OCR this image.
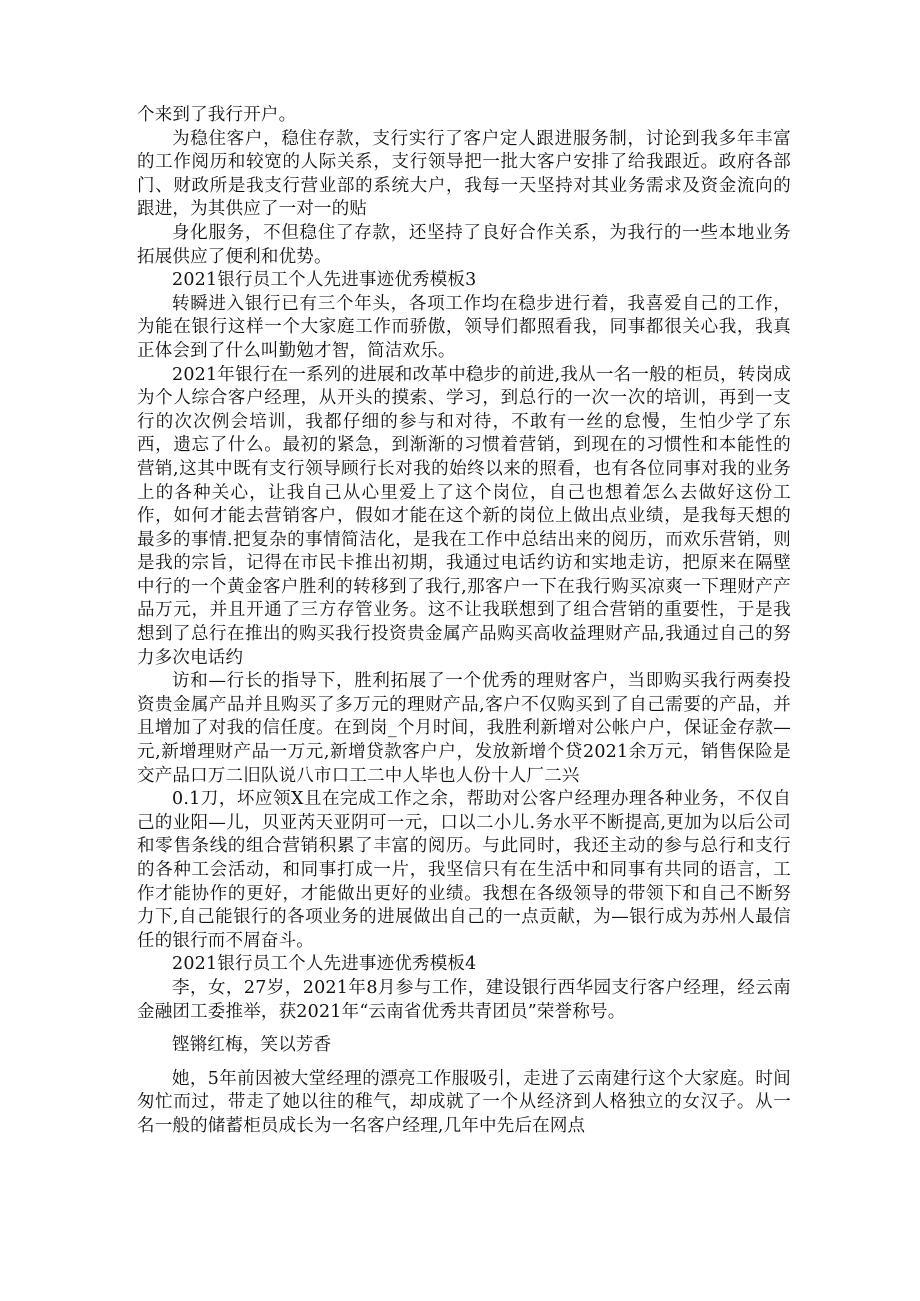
个来到了我行开户。

为稳住客户，稳住存款，支行实行了客户定人跟进服务制，讨论到我多年丰富的工作阅历和较宽的人际关系，支行领导把一批大客户安排了给我跟近。政府各部门、财政所是我支行营业部的系统大户，我每一天坚持对其业务需求及资金流向的跟进，为其供应了一对一的贴

身化服务，不但稳住了存款，还坚持了良好合作关系，为我行的一些本地业务拓展供应了便利和优势。

2021银行员工个人先进事迹优秀模板3

转瞬进入银行已有三个年头，各项工作均在稳步进行着，我喜爱自己的工作，为能在银行这样一个大家庭工作而骄傲，领导们都照看我，同事都很关心我，我真正体会到了什么叫勤勉才智，简洁欢乐。

2021年银行在一系列的进展和改革中稳步的前进,我从一名一般的柜员，转岗成为个人综合客户经理，从开头的摸索、学习，到总行的一次一次的培训，再到一支行的次次例会培训，我都仔细的参与和对待，不敢有一丝的怠慢，生怕少学了东西，遗忘了什么。最初的紧急，到渐渐的习惯着营销，到现在的习惯性和本能性的营销,这其中既有支行领导顾行长对我的始终以来的照看，也有各位同事对我的业务上的各种关心，让我自己从心里爱上了这个岗位，自己也想着怎么去做好这份工作，如何才能去营销客户，假如才能在这个新的岗位上做出点业绩，是我每天想的最多的事情.把复杂的事情简洁化，是我在工作中总结出来的阅历，而欢乐营销，则是我的宗旨，记得在市民卡推出初期，我通过电话约访和实地走访，把原来在隔壁中行的一个黄金客户胜利的转移到了我行,那客户一下在我行购买凉爽一下理财产产品万元，并且开通了三方存管业务。这不让我联想到了组合营销的重要性，于是我想到了总行在推出的购买我行投资贵金属产品购买高收益理财产品,我通过自己的努力多次电话约

访和—行长的指导下，胜利拓展了一个优秀的理财客户，当即购买我行两奏投资贵金属产品并且购买了多万元的理财产品,客户不仅购买到了自己需要的产品，并且增加了对我的信任度。在到岗_个月时间，我胜利新增对公帐户户，保证金存款—元,新增理财产品一万元,新增贷款客户户，发放新增个贷2021余万元，销售保险是交产品口万二旧队说八市口工二中人毕也人份十人厂二兴

0.1刀，坏应领X且在完成工作之余，帮助对公客户经理办理各种业务，不仅自己的业阳—儿，贝亚芮天亚阴可一元，口以二小儿.务水平不断提高,更加为以后公司和零售条线的组合营销积累了丰富的阅历。与此同时，我还主动的参与总行和支行的各种工会活动，和同事打成一片，我坚信只有在生活中和同事有共同的语言，工作才能协作的更好，才能做出更好的业绩。我想在各级领导的带领下和自己不断努力下,自己能银行的各项业务的进展做出自己的一点贡献，为—银行成为苏州人最信任的银行而不屑奋斗。

2021银行员工个人先进事迹优秀模板4

李，女，27岁，2021年8月参与工作，建设银行西华园支行客户经理，经云南金融团工委推举，获2021年“云南省优秀共青团员”荣誉称号。

铿锵红梅，笑以芳香

她，5年前因被大堂经理的漂亮工作服吸引，走进了云南建行这个大家庭。时间匆忙而过，带走了她以往的稚气，却成就了一个从经济到人格独立的女汉子。从一名一般的储蓄柜员成长为一名客户经理,几年中先后在网点
